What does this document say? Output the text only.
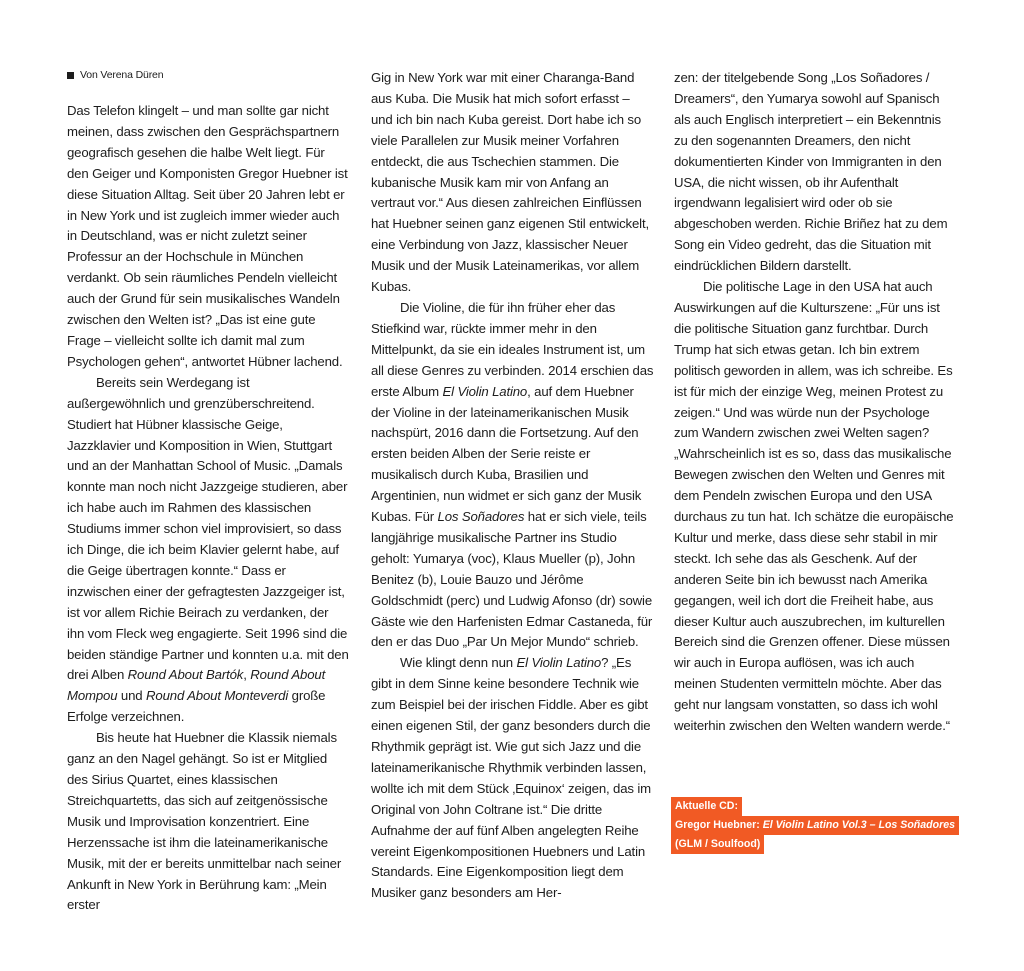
Von Verena Düren

Das Telefon klingelt – und man sollte gar nicht meinen, dass zwischen den Gesprächspartnern geografisch gesehen die halbe Welt liegt. Für den Geiger und Komponisten Gregor Huebner ist diese Situation Alltag. Seit über 20 Jahren lebt er in New York und ist zugleich immer wieder auch in Deutschland, was er nicht zuletzt seiner Professur an der Hochschule in München verdankt. Ob sein räumliches Pendeln vielleicht auch der Grund für sein musikalisches Wandeln zwischen den Welten ist? „Das ist eine gute Frage – vielleicht sollte ich damit mal zum Psychologen gehen“, antwortet Hübner lachend.

Bereits sein Werdegang ist außergewöhnlich und grenzüberschreitend. Studiert hat Hübner klassische Geige, Jazzklavier und Komposition in Wien, Stuttgart und an der Manhattan School of Music. „Damals konnte man noch nicht Jazzgeige studieren, aber ich habe auch im Rahmen des klassischen Studiums immer schon viel improvisiert, so dass ich Dinge, die ich beim Klavier gelernt habe, auf die Geige übertragen konnte.“ Dass er inzwischen einer der gefragtesten Jazzgeiger ist, ist vor allem Richie Beirach zu verdanken, der ihn vom Fleck weg engagierte. Seit 1996 sind die beiden ständige Partner und konnten u.a. mit den drei Alben Round About Bartók, Round About Mompou und Round About Monteverdi große Erfolge verzeichnen.

Bis heute hat Huebner die Klassik niemals ganz an den Nagel gehängt. So ist er Mitglied des Sirius Quartet, eines klassischen Streichquartetts, das sich auf zeitgenössische Musik und Improvisation konzentriert. Eine Herzenssache ist ihm die lateinamerikanische Musik, mit der er bereits unmittelbar nach seiner Ankunft in New York in Berührung kam: „Mein erster

Gig in New York war mit einer Charanga-Band aus Kuba. Die Musik hat mich sofort erfasst – und ich bin nach Kuba gereist. Dort habe ich so viele Parallelen zur Musik meiner Vorfahren entdeckt, die aus Tschechien stammen. Die kubanische Musik kam mir von Anfang an vertraut vor.“ Aus diesen zahlreichen Einflüssen hat Huebner seinen ganz eigenen Stil entwickelt, eine Verbindung von Jazz, klassischer Neuer Musik und der Musik Lateinamerikas, vor allem Kubas.

Die Violine, die für ihn früher eher das Stiefkind war, rückte immer mehr in den Mittelpunkt, da sie ein ideales Instrument ist, um all diese Genres zu verbinden. 2014 erschien das erste Album El Violin Latino, auf dem Huebner der Violine in der lateinamerikanischen Musik nachspürt, 2016 dann die Fortsetzung. Auf den ersten beiden Alben der Serie reiste er musikalisch durch Kuba, Brasilien und Argentinien, nun widmet er sich ganz der Musik Kubas. Für Los Soñadores hat er sich viele, teils langjährige musikalische Partner ins Studio geholt: Yumarya (voc), Klaus Mueller (p), John Benitez (b), Louie Bauzo und Jérôme Goldschmidt (perc) und Ludwig Afonso (dr) sowie Gäste wie den Harfenisten Edmar Castaneda, für den er das Duo „Par Un Mejor Mundo“ schrieb.

Wie klingt denn nun El Violin Latino? „Es gibt in dem Sinne keine besondere Technik wie zum Beispiel bei der irischen Fiddle. Aber es gibt einen eigenen Stil, der ganz besonders durch die Rhythmik geprägt ist. Wie gut sich Jazz und die lateinamerikanische Rhythmik verbinden lassen, wollte ich mit dem Stück ‚Equinox‘ zeigen, das im Original von John Coltrane ist.“ Die dritte Aufnahme der auf fünf Alben angelegten Reihe vereint Eigenkompositionen Huebners und Latin Standards. Eine Eigenkomposition liegt dem Musiker ganz besonders am Her-

zen: der titelgebende Song „Los Soñadores / Dreamers“, den Yumarya sowohl auf Spanisch als auch Englisch interpretiert – ein Bekenntnis zu den sogenannten Dreamers, den nicht dokumentierten Kinder von Immigranten in den USA, die nicht wissen, ob ihr Aufenthalt irgendwann legalisiert wird oder ob sie abgeschoben werden. Richie Briñez hat zu dem Song ein Video gedreht, das die Situation mit eindrücklichen Bildern darstellt.

Die politische Lage in den USA hat auch Auswirkungen auf die Kulturszene: „Für uns ist die politische Situation ganz furchtbar. Durch Trump hat sich etwas getan. Ich bin extrem politisch geworden in allem, was ich schreibe. Es ist für mich der einzige Weg, meinen Protest zu zeigen.“ Und was würde nun der Psychologe zum Wandern zwischen zwei Welten sagen? „Wahrscheinlich ist es so, dass das musikalische Bewegen zwischen den Welten und Genres mit dem Pendeln zwischen Europa und den USA durchaus zu tun hat. Ich schätze die europäische Kultur und merke, dass diese sehr stabil in mir steckt. Ich sehe das als Geschenk. Auf der anderen Seite bin ich bewusst nach Amerika gegangen, weil ich dort die Freiheit habe, aus dieser Kultur auch auszubrechen, im kulturellen Bereich sind die Grenzen offener. Diese müssen wir auch in Europa auflösen, was ich auch meinen Studenten vermitteln möchte. Aber das geht nur langsam vonstatten, so dass ich wohl weiterhin zwischen den Welten wandern werde.“

Aktuelle CD:
Gregor Huebner: El Violin Latino Vol.3 – Los Soñadores
(GLM / Soulfood)
